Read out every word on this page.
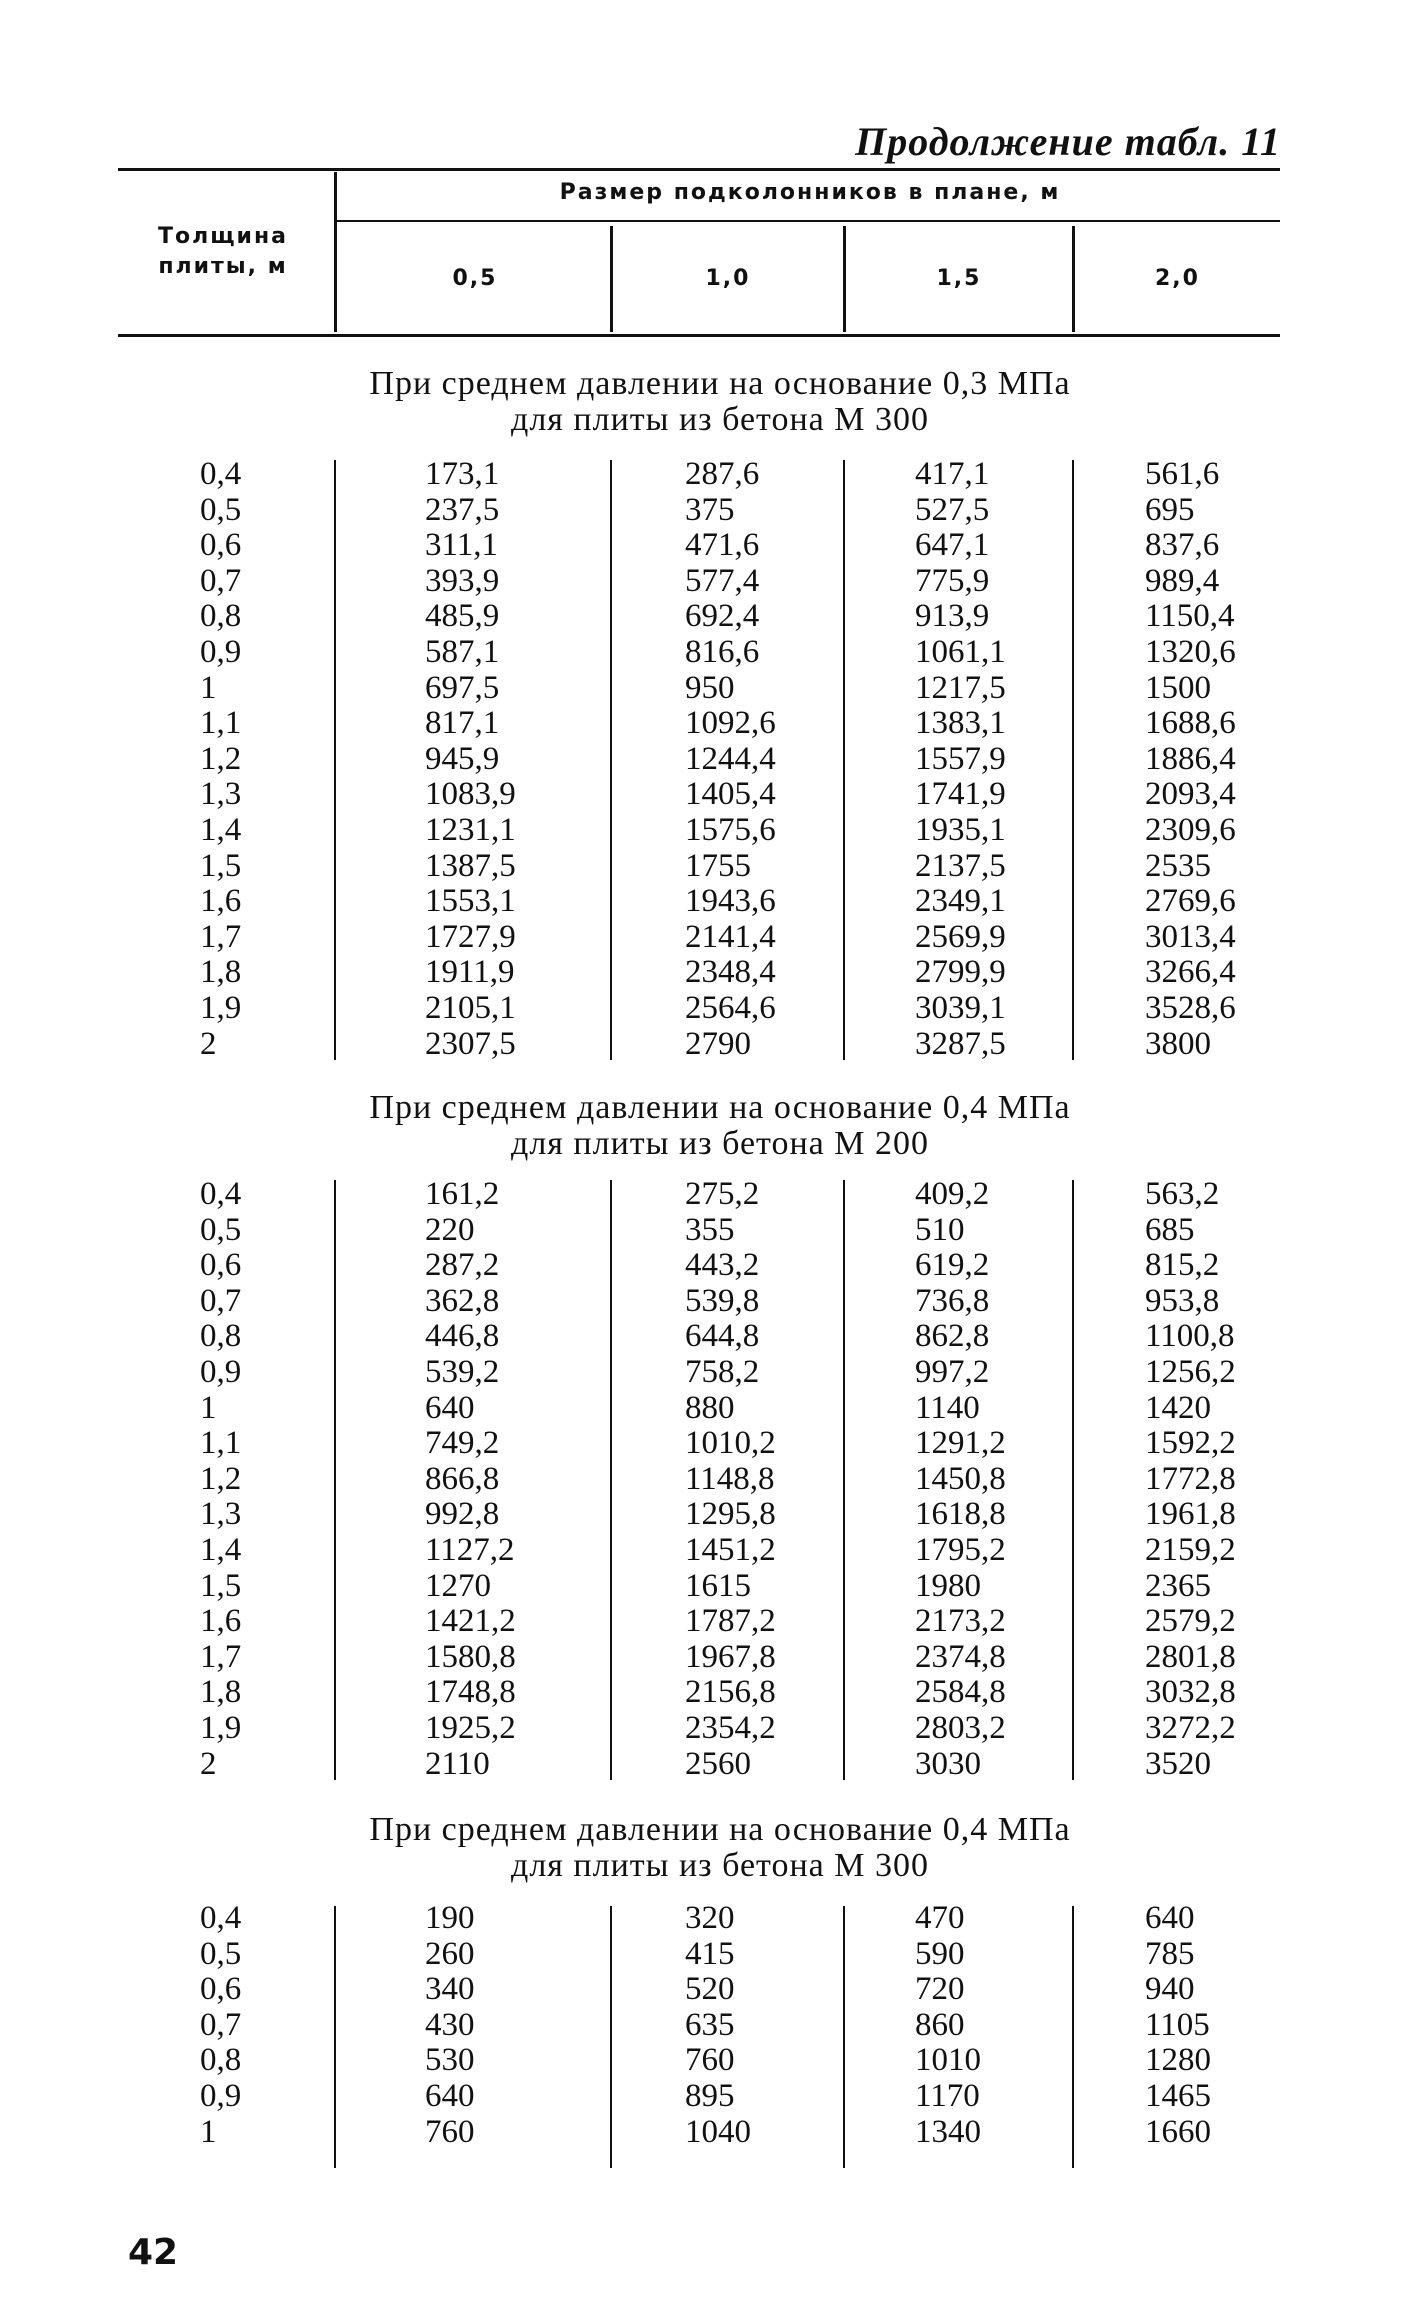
Продолжение табл. 11
Толщина плиты, м
Размер подколонников в плане, м
0,5	1,0	1,5	2,0
При среднем давлении на основание 0,3 МПа
для плиты из бетона М 300
0,4	173,1	287,6	417,1	561,6
0,5	237,5	375	527,5	695
0,6	311,1	471,6	647,1	837,6
0,7	393,9	577,4	775,9	989,4
0,8	485,9	692,4	913,9	1150,4
0,9	587,1	816,6	1061,1	1320,6
1	697,5	950	1217,5	1500
1,1	817,1	1092,6	1383,1	1688,6
1,2	945,9	1244,4	1557,9	1886,4
1,3	1083,9	1405,4	1741,9	2093,4
1,4	1231,1	1575,6	1935,1	2309,6
1,5	1387,5	1755	2137,5	2535
1,6	1553,1	1943,6	2349,1	2769,6
1,7	1727,9	2141,4	2569,9	3013,4
1,8	1911,9	2348,4	2799,9	3266,4
1,9	2105,1	2564,6	3039,1	3528,6
2	2307,5	2790	3287,5	3800
При среднем давлении на основание 0,4 МПа
для плиты из бетона М 200
0,4	161,2	275,2	409,2	563,2
0,5	220	355	510	685
0,6	287,2	443,2	619,2	815,2
0,7	362,8	539,8	736,8	953,8
0,8	446,8	644,8	862,8	1100,8
0,9	539,2	758,2	997,2	1256,2
1	640	880	1140	1420
1,1	749,2	1010,2	1291,2	1592,2
1,2	866,8	1148,8	1450,8	1772,8
1,3	992,8	1295,8	1618,8	1961,8
1,4	1127,2	1451,2	1795,2	2159,2
1,5	1270	1615	1980	2365
1,6	1421,2	1787,2	2173,2	2579,2
1,7	1580,8	1967,8	2374,8	2801,8
1,8	1748,8	2156,8	2584,8	3032,8
1,9	1925,2	2354,2	2803,2	3272,2
2	2110	2560	3030	3520
При среднем давлении на основание 0,4 МПа
для плиты из бетона М 300
0,4	190	320	470	640
0,5	260	415	590	785
0,6	340	520	720	940
0,7	430	635	860	1105
0,8	530	760	1010	1280
0,9	640	895	1170	1465
1	760	1040	1340	1660
42
